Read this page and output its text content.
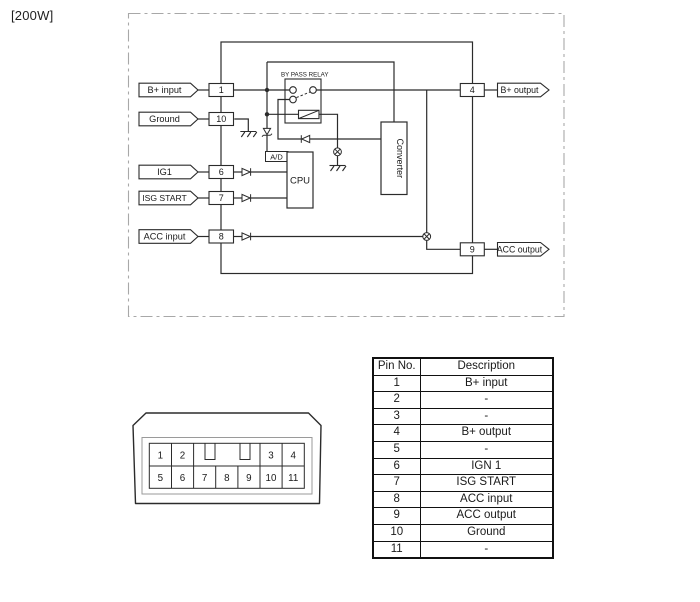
[200W]
BY PASS RELAY
A/D
CPU
Converter
B+ input	1
Ground	10
IG1	6
ISG START	7
ACC input	8
4	B+ output
9 ACC output
1 2	3 4
5 6 7 8 9 10 11
Pin No.	Description
1	B+ input
2	-
3	-
4	B+ output
5	-
6	IGN 1
7	ISG START
8	ACC input
9	ACC output
10	Ground
11	-
